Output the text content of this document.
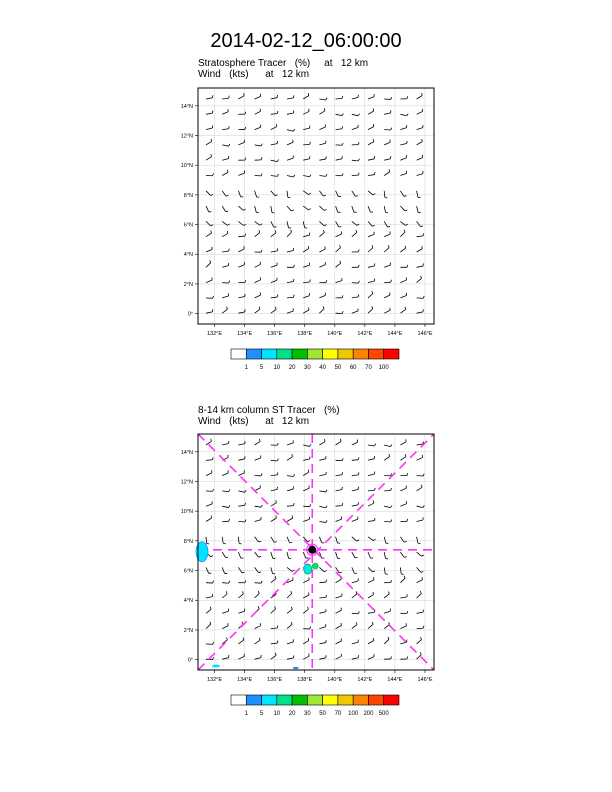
2014-02-12_06:00:00
Stratosphere Tracer   (%)     at   12 km
Wind   (kts)      at   12 km
8-14 km column ST Tracer   (%)
Wind   (kts)      at   12 km
132°E	134°E	136°E	138°E	140°E	142°E	144°E	146°E
0°
2°N
4°N
6°N
8°N
10°N
12°N
14°N
1 5 10 20 30 40 50 60 70 100
132°E	134°E	136°E	138°E	140°E	142°E	144°E	146°E
0°
2°N
4°N
6°N
8°N
10°N
12°N
14°N
1 5 10 20 30 50 70 100 200 500
